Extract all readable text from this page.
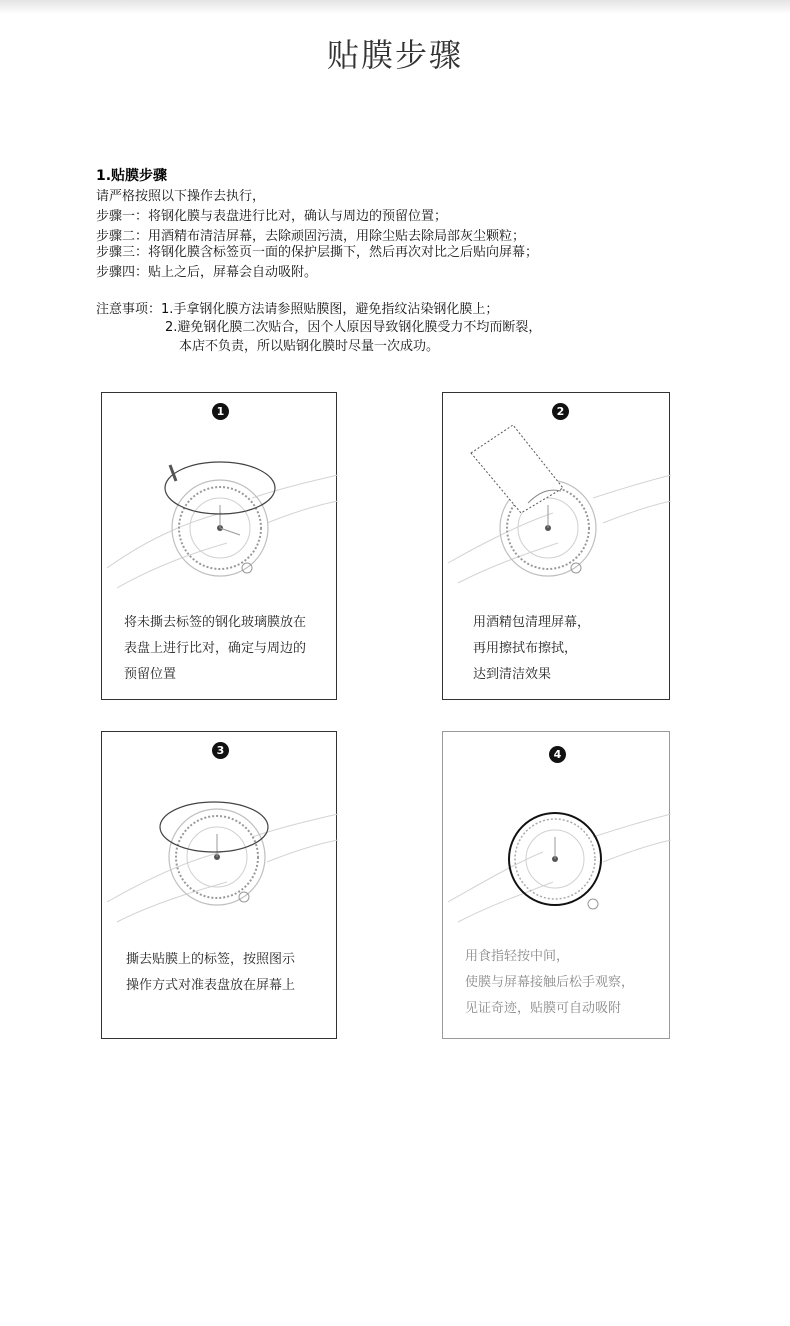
贴膜步骤
1.贴膜步骤
请严格按照以下操作去执行，
步骤一：将钢化膜与表盘进行比对，确认与周边的预留位置；
步骤二：用酒精布清洁屏幕，去除顽固污渍，用除尘贴去除局部灰尘颗粒；
步骤三：将钢化膜含标签页一面的保护层撕下，然后再次对比之后贴向屏幕；
步骤四：贴上之后，屏幕会自动吸附。
注意事项：1.手拿钢化膜方法请参照贴膜图，避免指纹沾染钢化膜上；
2.避免钢化膜二次贴合，因个人原因导致钢化膜受力不均而断裂，
本店不负责，所以贴钢化膜时尽量一次成功。
1
将未撕去标签的钢化玻璃膜放在
表盘上进行比对，确定与周边的
预留位置
2
用酒精包清理屏幕，
再用擦拭布擦拭，
达到清洁效果
3
撕去贴膜上的标签，按照图示
操作方式对准表盘放在屏幕上
4
用食指轻按中间，
使膜与屏幕接触后松手观察，
见证奇迹，贴膜可自动吸附
